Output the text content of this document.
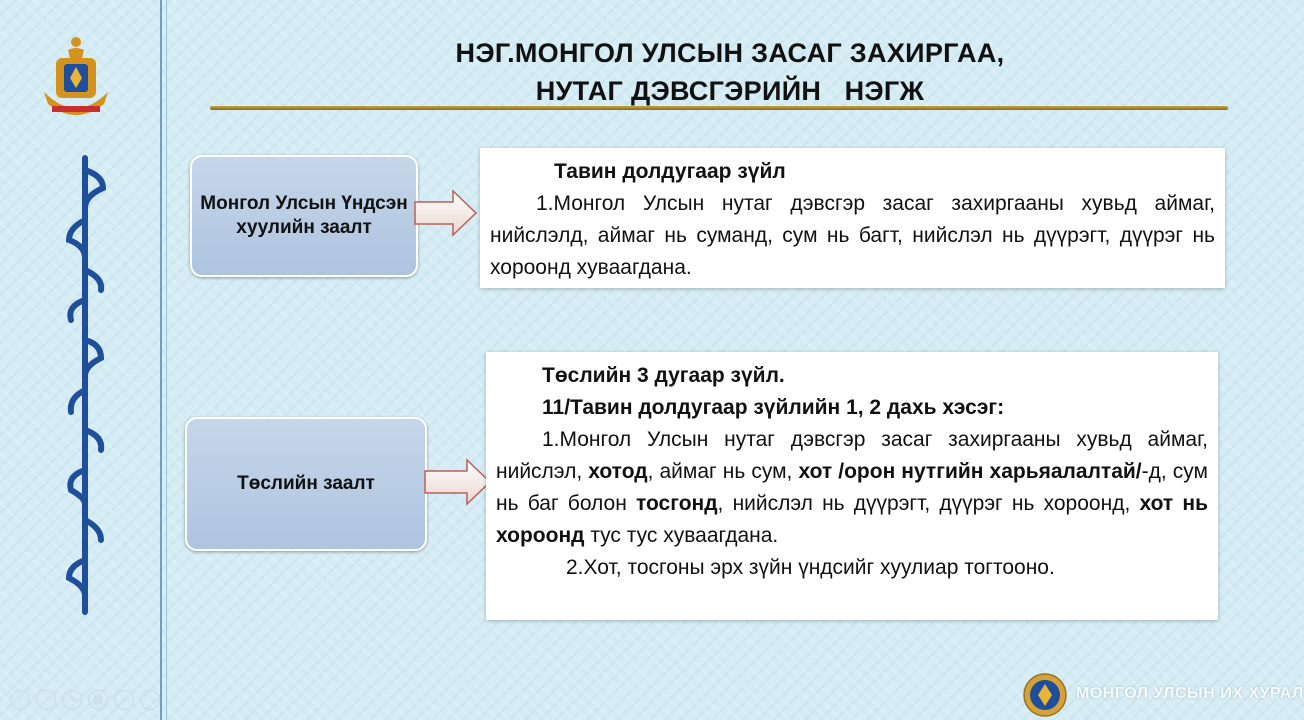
НЭГ.МОНГОЛ УЛСЫН ЗАСАГ ЗАХИРГАА,
НУТАГ ДЭВСГЭРИЙН   НЭГЖ
Монгол Улсын Үндсэн хуулийн заалт
Тавин долдугаар зүйл
1.Монгол Улсын нутаг дэвсгэр засаг захиргааны хувьд аймаг, нийслэлд, аймаг нь суманд, сум нь багт, нийслэл нь дүүрэгт, дүүрэг нь хороонд хуваагдана.
Төслийн заалт
Төслийн 3 дугаар зүйл.
11/Тавин долдугаар зүйлийн 1, 2 дахь хэсэг:
1.Монгол Улсын нутаг дэвсгэр засаг захиргааны хувьд аймаг, нийслэл, хотод, аймаг нь сум, хот /орон нутгийн харьяалалтай/-д, сум нь баг болон тосгонд, нийслэл нь дүүрэгт, дүүрэг нь хороонд, хот нь хороонд тус тус хуваагдана.
2.Хот, тосгоны эрх зүйн үндсийг хуулиар тогтооно.
‹	›	✎	▦	⌕	⋯	МОНГОЛ УЛСЫН ИХ ХУРАЛ
